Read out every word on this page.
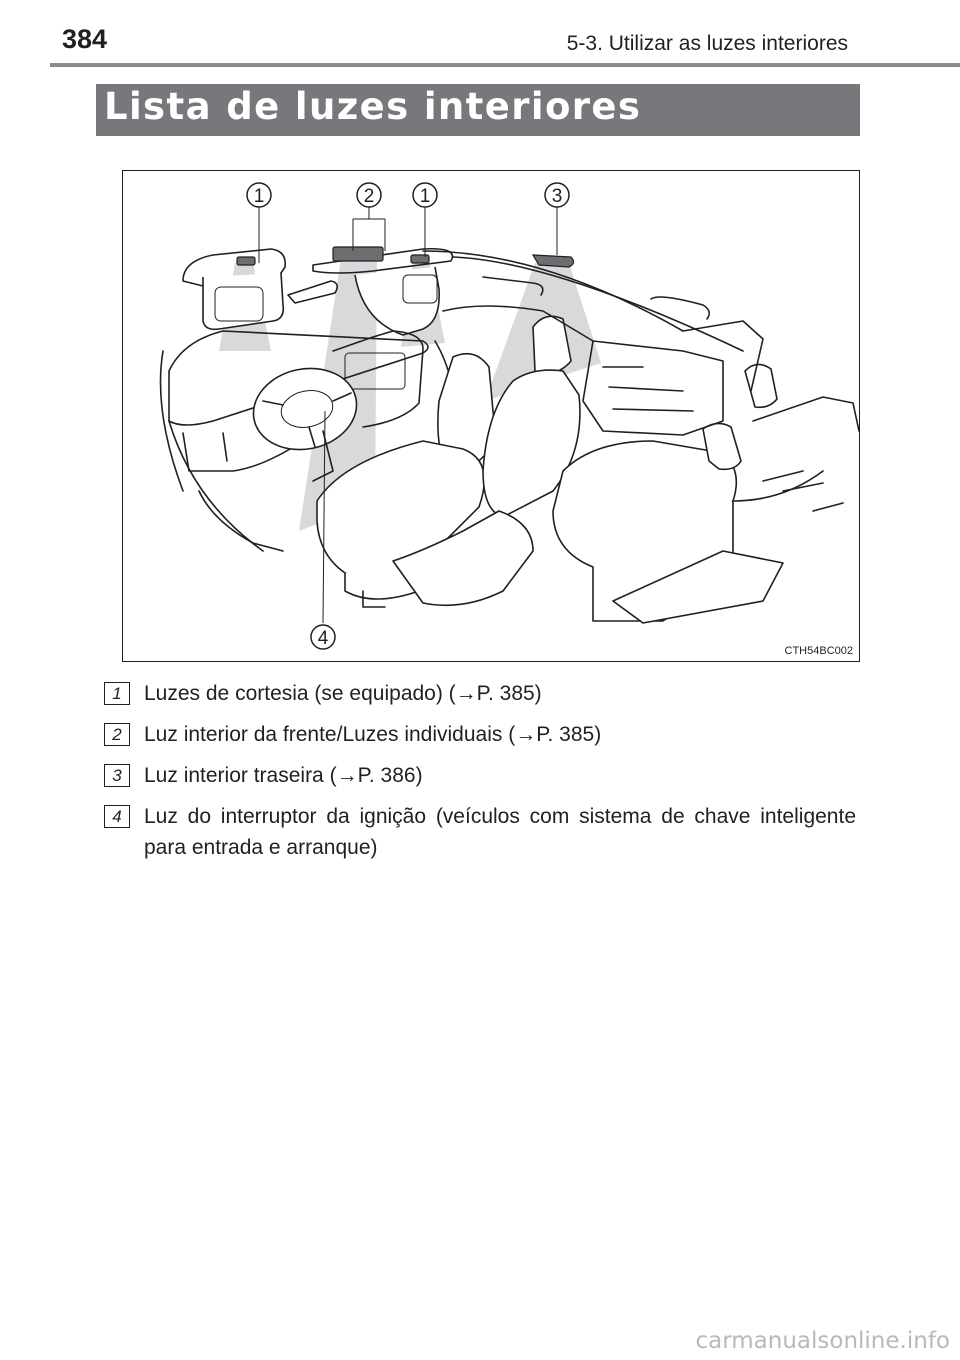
384	5-3. Utilizar as luzes interiores
Lista de luzes interiores
1	2 1	3
4
CTH54BC002
1	Luzes de cortesia (se equipado) (→P. 385)
2	Luz interior da frente/Luzes individuais (→P. 385)
3	Luz interior traseira (→P. 386)
4	Luz do interruptor da ignição (veículos com sistema de chave inteligente para entrada e arranque)
carmanualsonline.info
